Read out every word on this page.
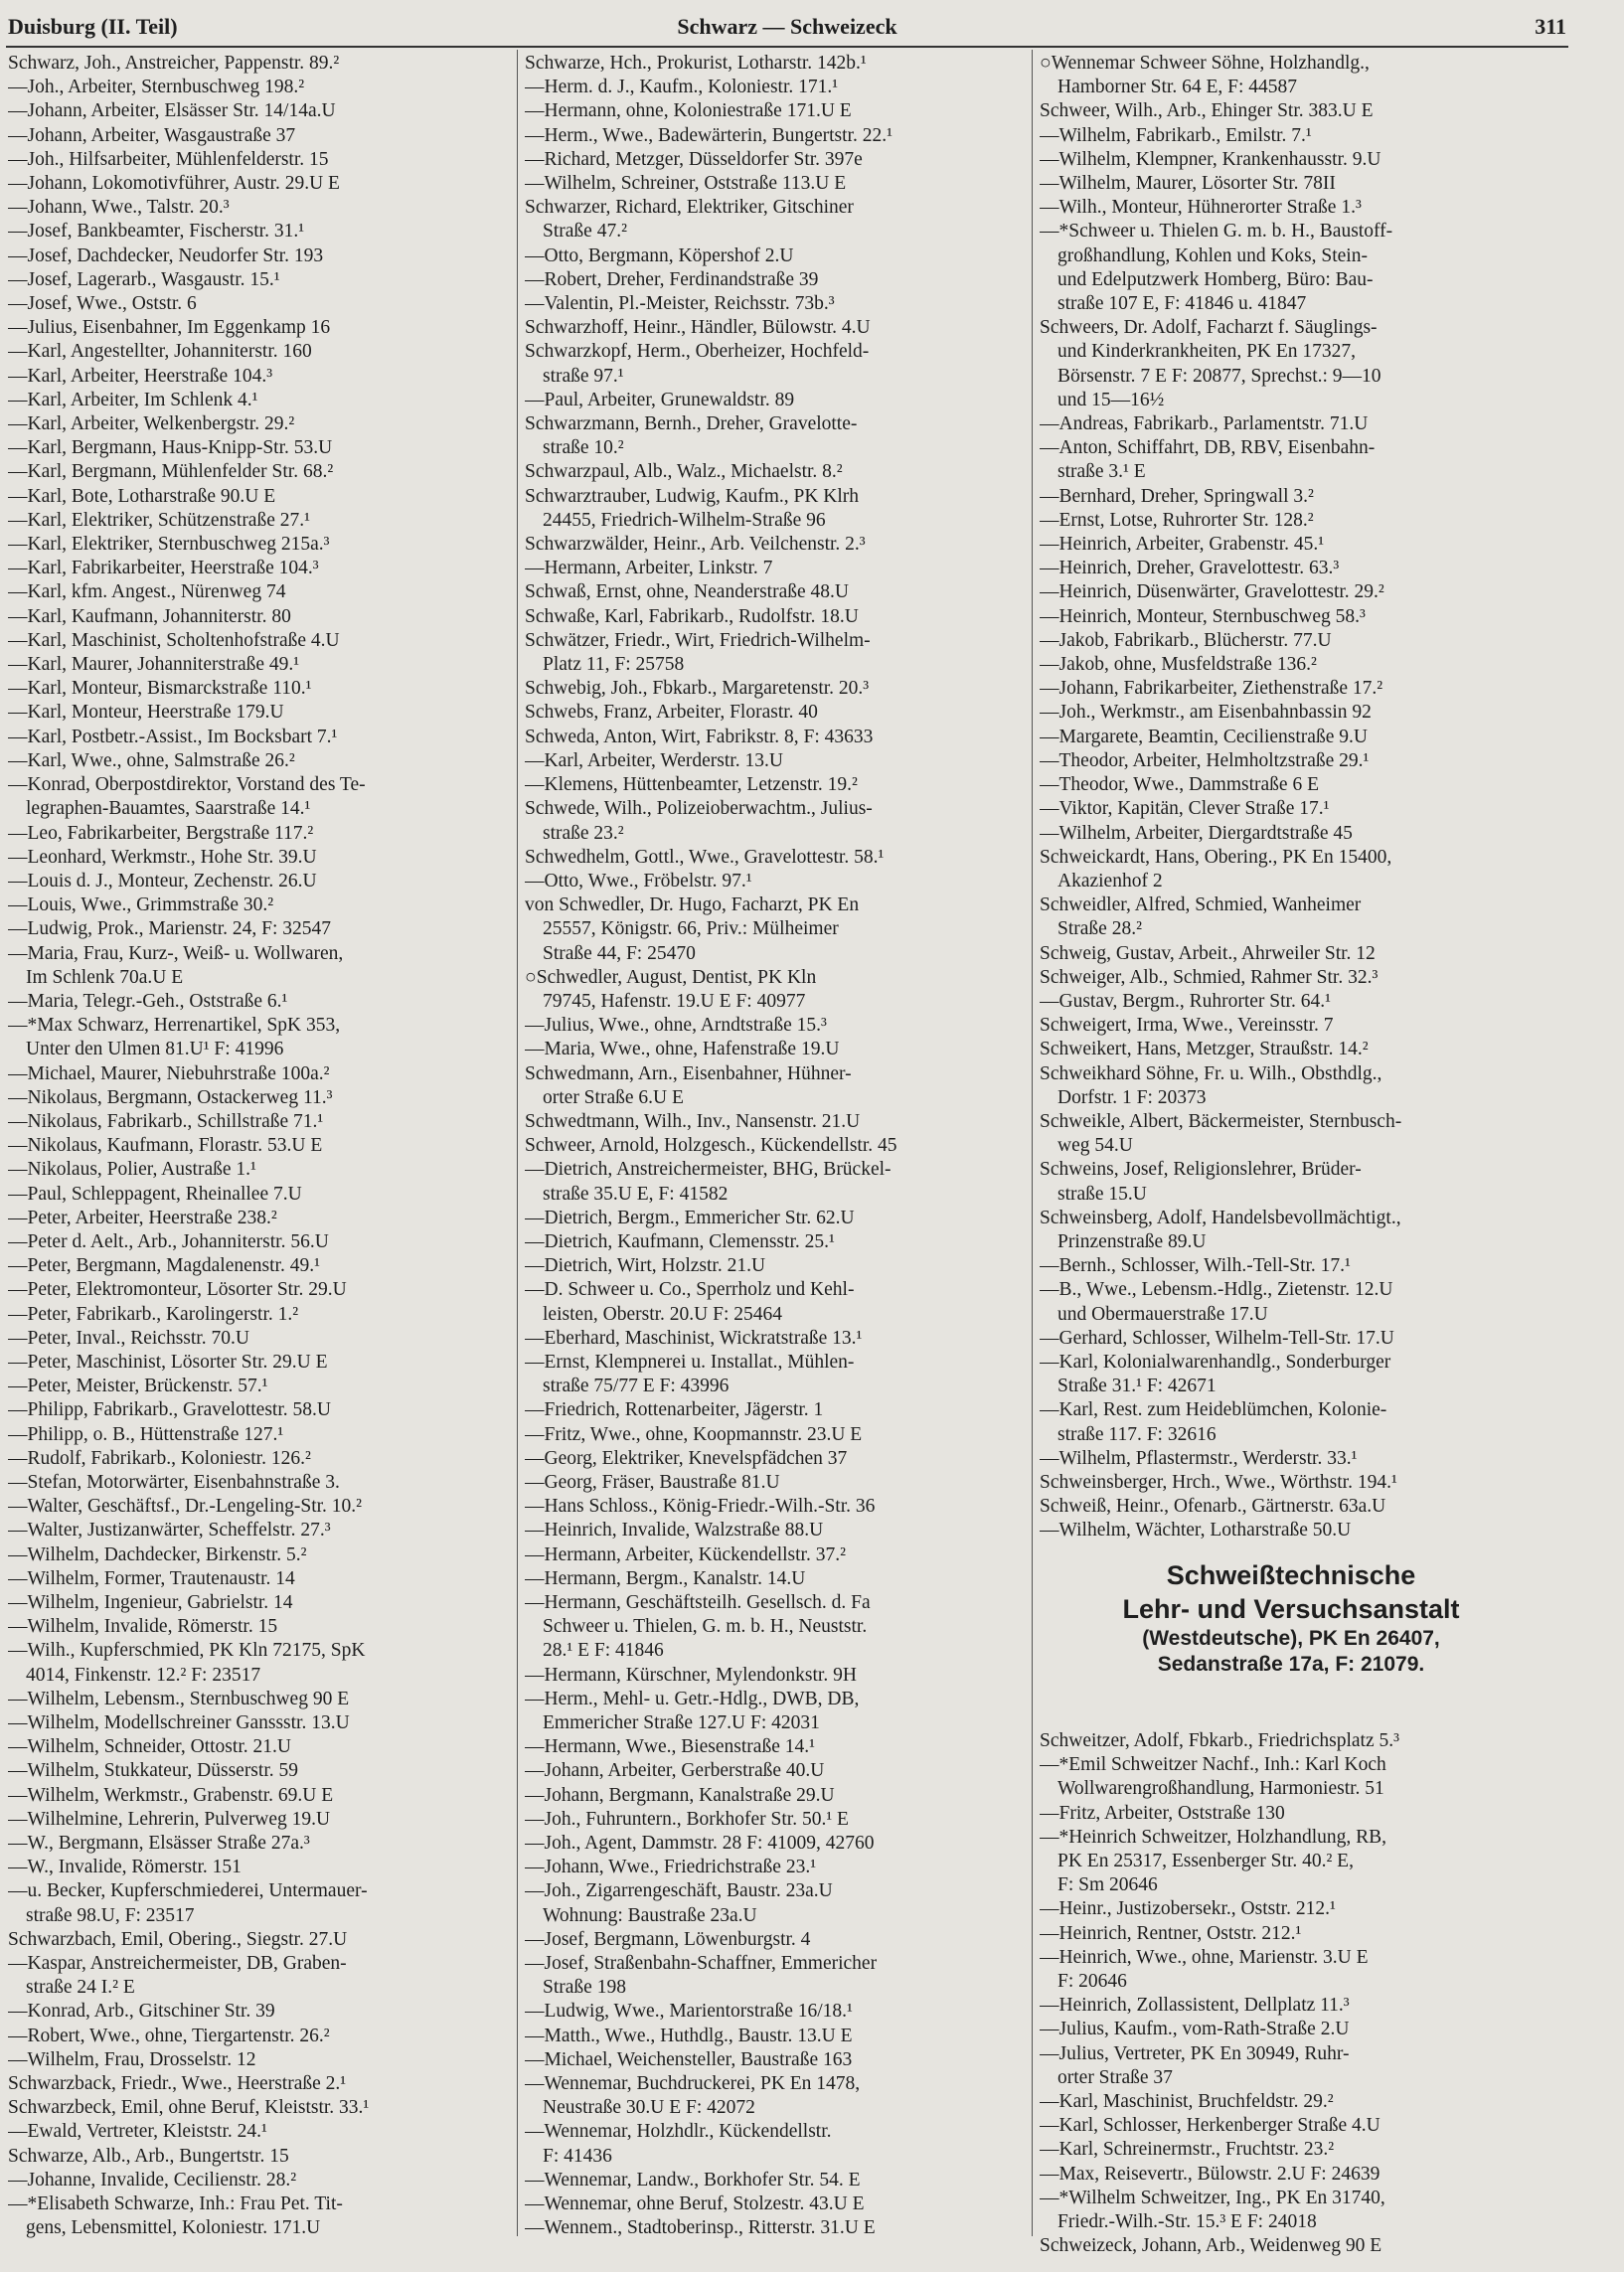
Duisburg (II. Teil)	Schwarz — Schweizeck	311
Schwarz, Joh., Anstreicher, Pappenstr. 89.²
—Joh., Arbeiter, Sternbuschweg 198.²
—Johann, Arbeiter, Elsässer Str. 14/14a.U
—Johann, Arbeiter, Wasgaustraße 37
—Joh., Hilfsarbeiter, Mühlenfelderstr. 15
—Johann, Lokomotivführer, Austr. 29.U E
—Johann, Wwe., Talstr. 20.³
—Josef, Bankbeamter, Fischerstr. 31.¹
—Josef, Dachdecker, Neudorfer Str. 193
—Josef, Lagerarb., Wasgaustr. 15.¹
—Josef, Wwe., Oststr. 6
—Julius, Eisenbahner, Im Eggenkamp 16
—Karl, Angestellter, Johanniterstr. 160
—Karl, Arbeiter, Heerstraße 104.³
—Karl, Arbeiter, Im Schlenk 4.¹
—Karl, Arbeiter, Welkenbergstr. 29.²
—Karl, Bergmann, Haus-Knipp-Str. 53.U
—Karl, Bergmann, Mühlenfelder Str. 68.²
—Karl, Bote, Lotharstraße 90.U E
—Karl, Elektriker, Schützenstraße 27.¹
—Karl, Elektriker, Sternbuschweg 215a.³
—Karl, Fabrikarbeiter, Heerstraße 104.³
—Karl, kfm. Angest., Nürenweg 74
—Karl, Kaufmann, Johanniterstr. 80
—Karl, Maschinist, Scholtenhofstraße 4.U
—Karl, Maurer, Johanniterstraße 49.¹
—Karl, Monteur, Bismarckstraße 110.¹
—Karl, Monteur, Heerstraße 179.U
—Karl, Postbetr.-Assist., Im Bocksbart 7.¹
—Karl, Wwe., ohne, Salmstraße 26.²
—Konrad, Oberpostdirektor, Vorstand des Te-
legraphen-Bauamtes, Saarstraße 14.¹
—Leo, Fabrikarbeiter, Bergstraße 117.²
—Leonhard, Werkmstr., Hohe Str. 39.U
—Louis d. J., Monteur, Zechenstr. 26.U
—Louis, Wwe., Grimmstraße 30.²
—Ludwig, Prok., Marienstr. 24, F: 32547
—Maria, Frau, Kurz-, Weiß- u. Wollwaren,
Im Schlenk 70a.U E
—Maria, Telegr.-Geh., Oststraße 6.¹
—*Max Schwarz, Herrenartikel, SpK 353,
Unter den Ulmen 81.U¹ F: 41996
—Michael, Maurer, Niebuhrstraße 100a.²
—Nikolaus, Bergmann, Ostackerweg 11.³
—Nikolaus, Fabrikarb., Schillstraße 71.¹
—Nikolaus, Kaufmann, Florastr. 53.U E
—Nikolaus, Polier, Austraße 1.¹
—Paul, Schleppagent, Rheinallee 7.U
—Peter, Arbeiter, Heerstraße 238.²
—Peter d. Aelt., Arb., Johanniterstr. 56.U
—Peter, Bergmann, Magdalenenstr. 49.¹
—Peter, Elektromonteur, Lösorter Str. 29.U
—Peter, Fabrikarb., Karolingerstr. 1.²
—Peter, Inval., Reichsstr. 70.U
—Peter, Maschinist, Lösorter Str. 29.U E
—Peter, Meister, Brückenstr. 57.¹
—Philipp, Fabrikarb., Gravelottestr. 58.U
—Philipp, o. B., Hüttenstraße 127.¹
—Rudolf, Fabrikarb., Koloniestr. 126.²
—Stefan, Motorwärter, Eisenbahnstraße 3.
—Walter, Geschäftsf., Dr.-Lengeling-Str. 10.²
—Walter, Justizanwärter, Scheffelstr. 27.³
—Wilhelm, Dachdecker, Birkenstr. 5.²
—Wilhelm, Former, Trautenaustr. 14
—Wilhelm, Ingenieur, Gabrielstr. 14
—Wilhelm, Invalide, Römerstr. 15
—Wilh., Kupferschmied, PK Kln 72175, SpK
4014, Finkenstr. 12.² F: 23517
—Wilhelm, Lebensm., Sternbuschweg 90 E
—Wilhelm, Modellschreiner Ganssstr. 13.U
—Wilhelm, Schneider, Ottostr. 21.U
—Wilhelm, Stukkateur, Düsserstr. 59
—Wilhelm, Werkmstr., Grabenstr. 69.U E
—Wilhelmine, Lehrerin, Pulverweg 19.U
—W., Bergmann, Elsässer Straße 27a.³
—W., Invalide, Römerstr. 151
—u. Becker, Kupferschmiederei, Untermauer-
straße 98.U, F: 23517
Schwarzbach, Emil, Obering., Siegstr. 27.U
—Kaspar, Anstreichermeister, DB, Graben-
straße 24 I.² E
—Konrad, Arb., Gitschiner Str. 39
—Robert, Wwe., ohne, Tiergartenstr. 26.²
—Wilhelm, Frau, Drosselstr. 12
Schwarzback, Friedr., Wwe., Heerstraße 2.¹
Schwarzbeck, Emil, ohne Beruf, Kleiststr. 33.¹
—Ewald, Vertreter, Kleiststr. 24.¹
Schwarze, Alb., Arb., Bungertstr. 15
—Johanne, Invalide, Cecilienstr. 28.²
—*Elisabeth Schwarze, Inh.: Frau Pet. Tit-
gens, Lebensmittel, Koloniestr. 171.U
Schwarze, Hch., Prokurist, Lotharstr. 142b.¹
—Herm. d. J., Kaufm., Koloniestr. 171.¹
—Hermann, ohne, Koloniestraße 171.U E
—Herm., Wwe., Badewärterin, Bungertstr. 22.¹
—Richard, Metzger, Düsseldorfer Str. 397e
—Wilhelm, Schreiner, Oststraße 113.U E
Schwarzer, Richard, Elektriker, Gitschiner
Straße 47.²
—Otto, Bergmann, Köpershof 2.U
—Robert, Dreher, Ferdinandstraße 39
—Valentin, Pl.-Meister, Reichsstr. 73b.³
Schwarzhoff, Heinr., Händler, Bülowstr. 4.U
Schwarzkopf, Herm., Oberheizer, Hochfeld-
straße 97.¹
—Paul, Arbeiter, Grunewaldstr. 89
Schwarzmann, Bernh., Dreher, Gravelotte-
straße 10.²
Schwarzpaul, Alb., Walz., Michaelstr. 8.²
Schwarztrauber, Ludwig, Kaufm., PK Klrh
24455, Friedrich-Wilhelm-Straße 96
Schwarzwälder, Heinr., Arb. Veilchenstr. 2.³
—Hermann, Arbeiter, Linkstr. 7
Schwaß, Ernst, ohne, Neanderstraße 48.U
Schwaße, Karl, Fabrikarb., Rudolfstr. 18.U
Schwätzer, Friedr., Wirt, Friedrich-Wilhelm-
Platz 11, F: 25758
Schwebig, Joh., Fbkarb., Margaretenstr. 20.³
Schwebs, Franz, Arbeiter, Florastr. 40
Schweda, Anton, Wirt, Fabrikstr. 8, F: 43633
—Karl, Arbeiter, Werderstr. 13.U
—Klemens, Hüttenbeamter, Letzenstr. 19.²
Schwede, Wilh., Polizeioberwachtm., Julius-
straße 23.²
Schwedhelm, Gottl., Wwe., Gravelottestr. 58.¹
—Otto, Wwe., Fröbelstr. 97.¹
von Schwedler, Dr. Hugo, Facharzt, PK En
25557, Königstr. 66, Priv.: Mülheimer
Straße 44, F: 25470
○Schwedler, August, Dentist, PK Kln
79745, Hafenstr. 19.U E F: 40977
—Julius, Wwe., ohne, Arndtstraße 15.³
—Maria, Wwe., ohne, Hafenstraße 19.U
Schwedmann, Arn., Eisenbahner, Hühner-
orter Straße 6.U E
Schwedtmann, Wilh., Inv., Nansenstr. 21.U
Schweer, Arnold, Holzgesch., Kückendellstr. 45
—Dietrich, Anstreichermeister, BHG, Brückel-
straße 35.U E, F: 41582
—Dietrich, Bergm., Emmericher Str. 62.U
—Dietrich, Kaufmann, Clemensstr. 25.¹
—Dietrich, Wirt, Holzstr. 21.U
—D. Schweer u. Co., Sperrholz und Kehl-
leisten, Oberstr. 20.U F: 25464
—Eberhard, Maschinist, Wickratstraße 13.¹
—Ernst, Klempnerei u. Installat., Mühlen-
straße 75/77 E F: 43996
—Friedrich, Rottenarbeiter, Jägerstr. 1
—Fritz, Wwe., ohne, Koopmannstr. 23.U E
—Georg, Elektriker, Knevelspfädchen 37
—Georg, Fräser, Baustraße 81.U
—Hans Schloss., König-Friedr.-Wilh.-Str. 36
—Heinrich, Invalide, Walzstraße 88.U
—Hermann, Arbeiter, Kückendellstr. 37.²
—Hermann, Bergm., Kanalstr. 14.U
—Hermann, Geschäftsteilh. Gesellsch. d. Fa
Schweer u. Thielen, G. m. b. H., Neuststr.
28.¹ E F: 41846
—Hermann, Kürschner, Mylendonkstr. 9H
—Herm., Mehl- u. Getr.-Hdlg., DWB, DB,
Emmericher Straße 127.U F: 42031
—Hermann, Wwe., Biesenstraße 14.¹
—Johann, Arbeiter, Gerberstraße 40.U
—Johann, Bergmann, Kanalstraße 29.U
—Joh., Fuhruntern., Borkhofer Str. 50.¹ E
—Joh., Agent, Dammstr. 28 F: 41009, 42760
—Johann, Wwe., Friedrichstraße 23.¹
—Joh., Zigarrengeschäft, Baustr. 23a.U
Wohnung: Baustraße 23a.U
—Josef, Bergmann, Löwenburgstr. 4
—Josef, Straßenbahn-Schaffner, Emmericher
Straße 198
—Ludwig, Wwe., Marientorstraße 16/18.¹
—Matth., Wwe., Huthdlg., Baustr. 13.U E
—Michael, Weichensteller, Baustraße 163
—Wennemar, Buchdruckerei, PK En 1478,
Neustraße 30.U E F: 42072
—Wennemar, Holzhdlr., Kückendellstr.
F: 41436
—Wennemar, Landw., Borkhofer Str. 54. E
—Wennemar, ohne Beruf, Stolzestr. 43.U E
—Wennem., Stadtoberinsp., Ritterstr. 31.U E
○Wennemar Schweer Söhne, Holzhandlg.,
Hamborner Str. 64 E, F: 44587
Schweer, Wilh., Arb., Ehinger Str. 383.U E
—Wilhelm, Fabrikarb., Emilstr. 7.¹
—Wilhelm, Klempner, Krankenhausstr. 9.U
—Wilhelm, Maurer, Lösorter Str. 78II
—Wilh., Monteur, Hühnerorter Straße 1.³
—*Schweer u. Thielen G. m. b. H., Baustoff-
großhandlung, Kohlen und Koks, Stein-
und Edelputzwerk Homberg, Büro: Bau-
straße 107 E, F: 41846 u. 41847
Schweers, Dr. Adolf, Facharzt f. Säuglings-
und Kinderkrankheiten, PK En 17327,
Börsenstr. 7 E F: 20877, Sprechst.: 9—10
und 15—16½
—Andreas, Fabrikarb., Parlamentstr. 71.U
—Anton, Schiffahrt, DB, RBV, Eisenbahn-
straße 3.¹ E
—Bernhard, Dreher, Springwall 3.²
—Ernst, Lotse, Ruhrorter Str. 128.²
—Heinrich, Arbeiter, Grabenstr. 45.¹
—Heinrich, Dreher, Gravelottestr. 63.³
—Heinrich, Düsenwärter, Gravelottestr. 29.²
—Heinrich, Monteur, Sternbuschweg 58.³
—Jakob, Fabrikarb., Blücherstr. 77.U
—Jakob, ohne, Musfeldstraße 136.²
—Johann, Fabrikarbeiter, Ziethenstraße 17.²
—Joh., Werkmstr., am Eisenbahnbassin 92
—Margarete, Beamtin, Cecilienstraße 9.U
—Theodor, Arbeiter, Helmholtzstraße 29.¹
—Theodor, Wwe., Dammstraße 6 E
—Viktor, Kapitän, Clever Straße 17.¹
—Wilhelm, Arbeiter, Diergardtstraße 45
Schweickardt, Hans, Obering., PK En 15400,
Akazienhof 2
Schweidler, Alfred, Schmied, Wanheimer
Straße 28.²
Schweig, Gustav, Arbeit., Ahrweiler Str. 12
Schweiger, Alb., Schmied, Rahmer Str. 32.³
—Gustav, Bergm., Ruhrorter Str. 64.¹
Schweigert, Irma, Wwe., Vereinsstr. 7
Schweikert, Hans, Metzger, Straußstr. 14.²
Schweikhard Söhne, Fr. u. Wilh., Obsthdlg.,
Dorfstr. 1 F: 20373
Schweikle, Albert, Bäckermeister, Sternbusch-
weg 54.U
Schweins, Josef, Religionslehrer, Brüder-
straße 15.U
Schweinsberg, Adolf, Handelsbevollmächtigt.,
Prinzenstraße 89.U
—Bernh., Schlosser, Wilh.-Tell-Str. 17.¹
—B., Wwe., Lebensm.-Hdlg., Zietenstr. 12.U
und Obermauerstraße 17.U
—Gerhard, Schlosser, Wilhelm-Tell-Str. 17.U
—Karl, Kolonialwarenhandlg., Sonderburger
Straße 31.¹ F: 42671
—Karl, Rest. zum Heideblümchen, Kolonie-
straße 117. F: 32616
—Wilhelm, Pflastermstr., Werderstr. 33.¹
Schweinsberger, Hrch., Wwe., Wörthstr. 194.¹
Schweiß, Heinr., Ofenarb., Gärtnerstr. 63a.U
—Wilhelm, Wächter, Lotharstraße 50.U
Schweißtechnische
Lehr- und Versuchsanstalt
(Westdeutsche), PK En 26407,
Sedanstraße 17a, F: 21079.
Schweitzer, Adolf, Fbkarb., Friedrichsplatz 5.³
—*Emil Schweitzer Nachf., Inh.: Karl Koch
Wollwarengroßhandlung, Harmoniestr. 51
—Fritz, Arbeiter, Oststraße 130
—*Heinrich Schweitzer, Holzhandlung, RB,
PK En 25317, Essenberger Str. 40.² E,
F: Sm 20646
—Heinr., Justizobersekr., Oststr. 212.¹
—Heinrich, Rentner, Oststr. 212.¹
—Heinrich, Wwe., ohne, Marienstr. 3.U E
F: 20646
—Heinrich, Zollassistent, Dellplatz 11.³
—Julius, Kaufm., vom-Rath-Straße 2.U
—Julius, Vertreter, PK En 30949, Ruhr-
orter Straße 37
—Karl, Maschinist, Bruchfeldstr. 29.²
—Karl, Schlosser, Herkenberger Straße 4.U
—Karl, Schreinermstr., Fruchtstr. 23.²
—Max, Reisevertr., Bülowstr. 2.U F: 24639
—*Wilhelm Schweitzer, Ing., PK En 31740,
Friedr.-Wilh.-Str. 15.³ E F: 24018
Schweizeck, Johann, Arb., Weidenweg 90 E
